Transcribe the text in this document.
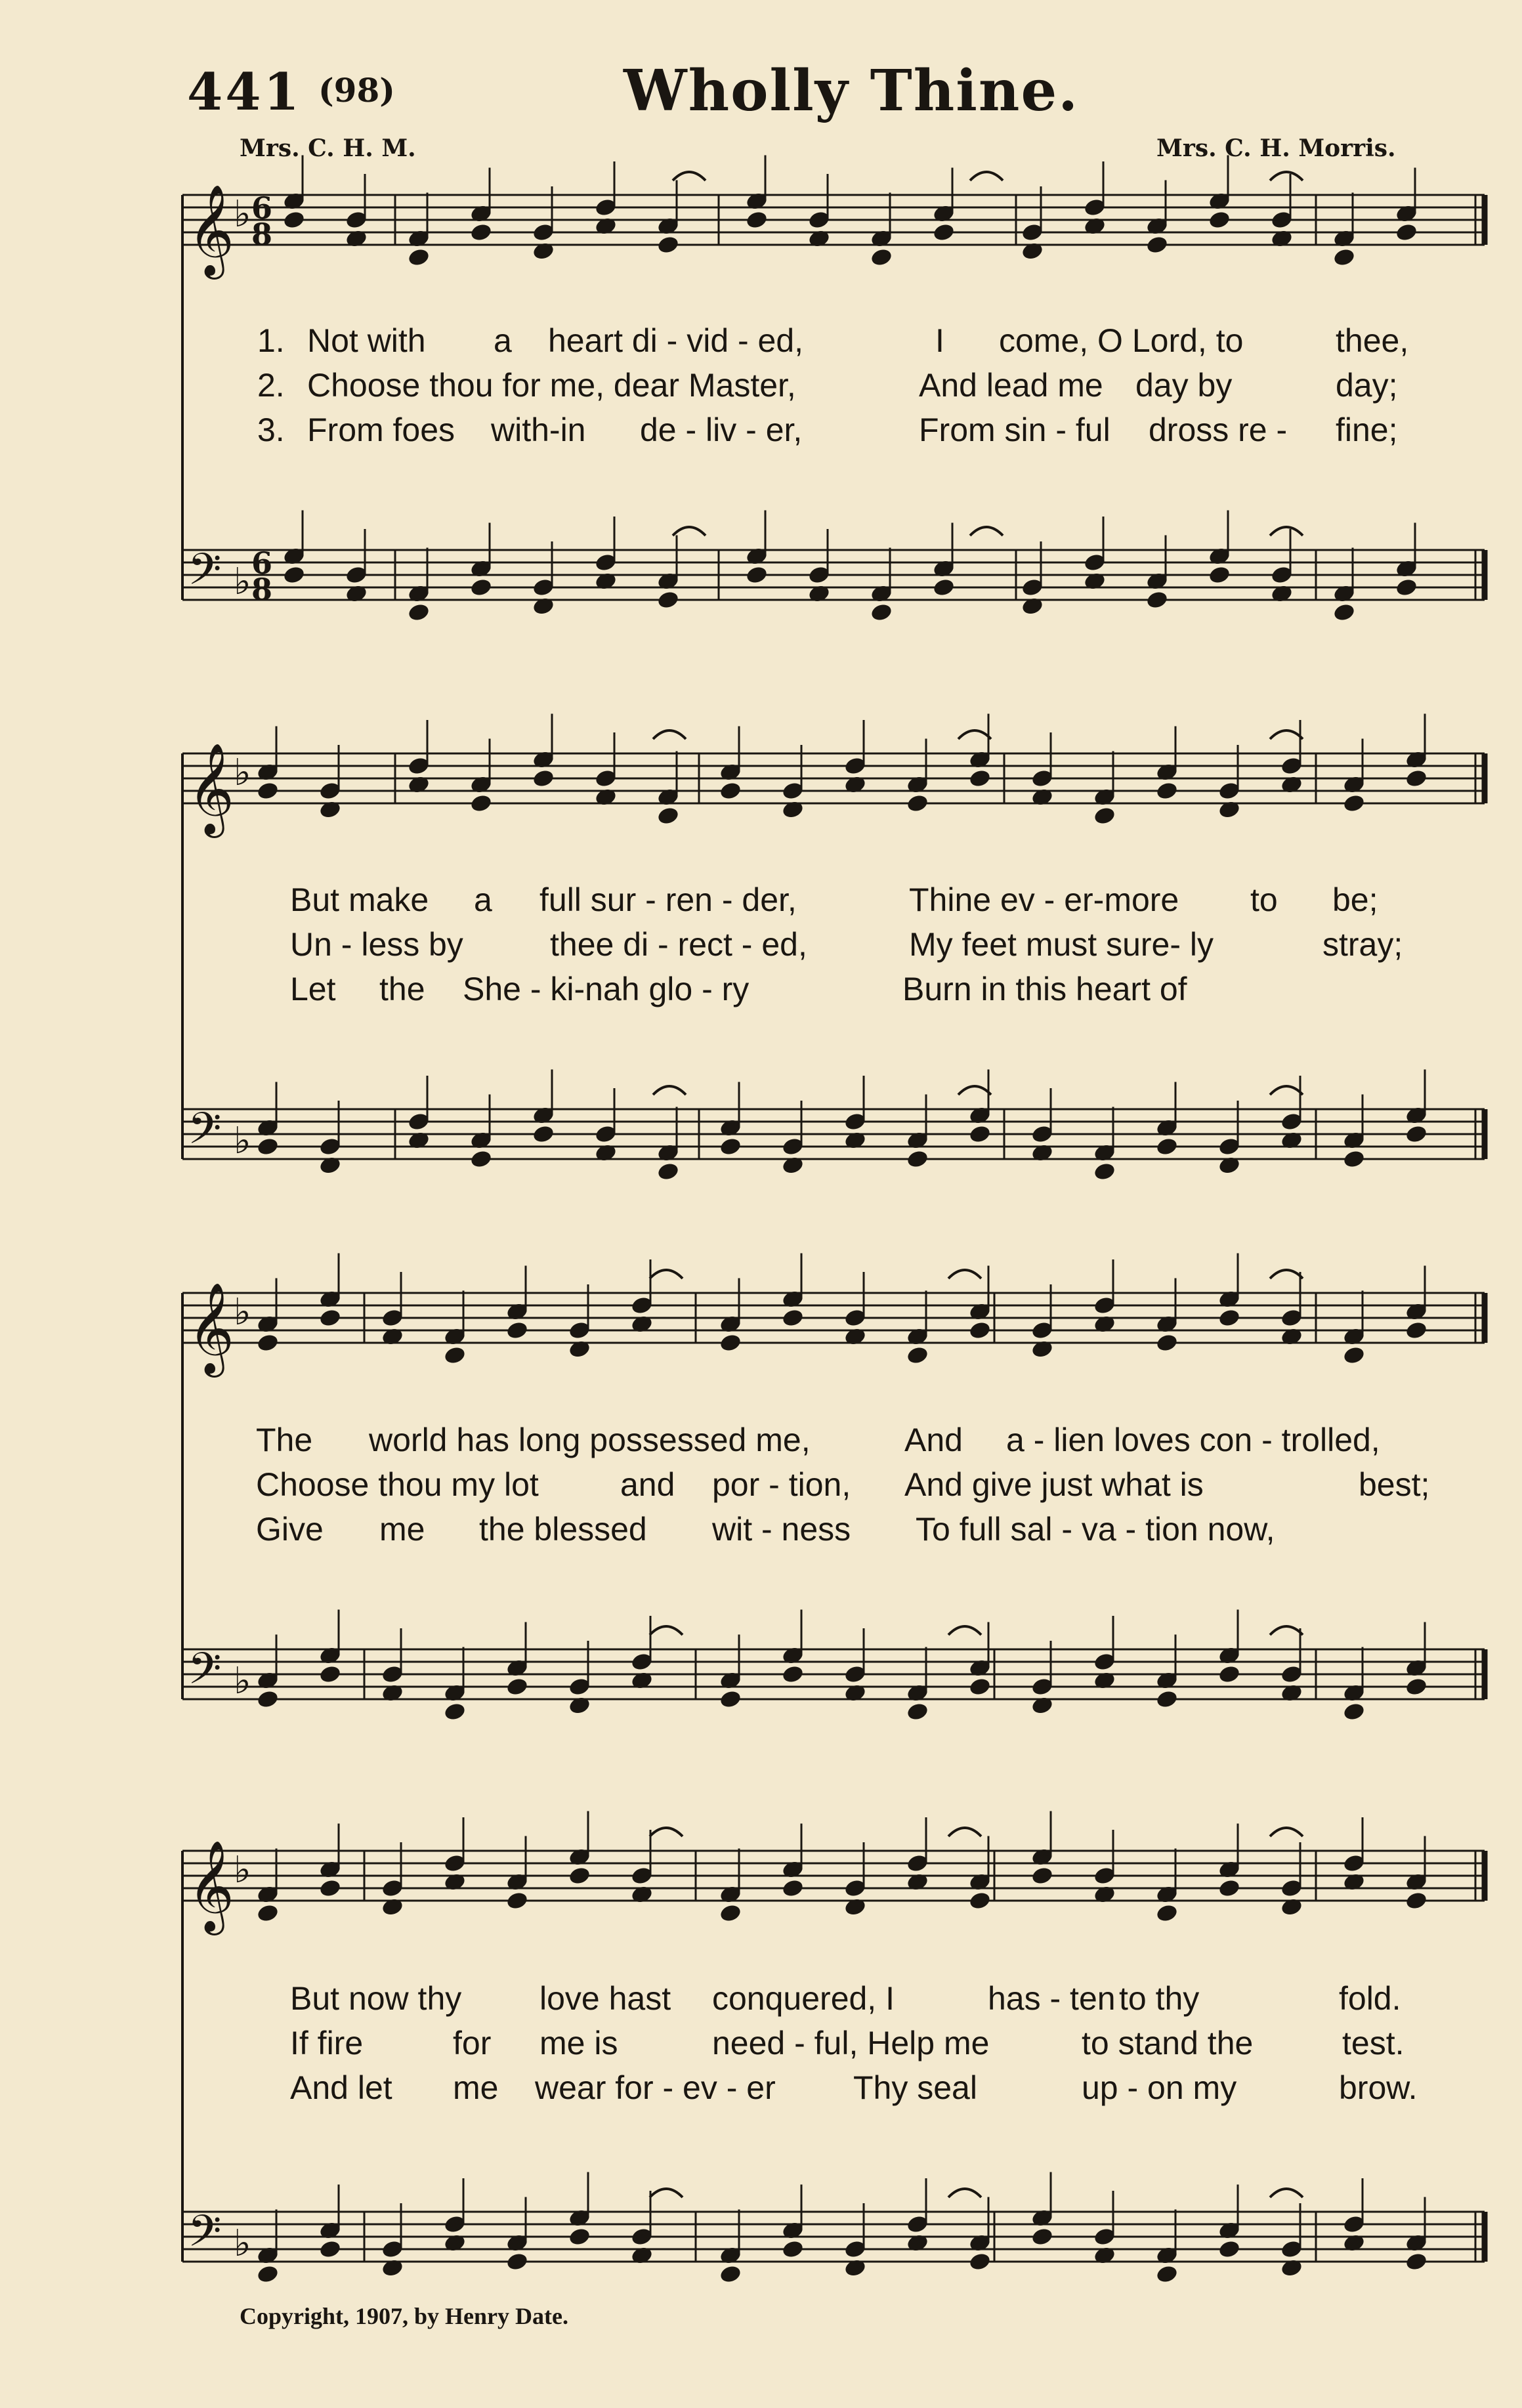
441 (98)	Wholly Thine.
Mrs. C. H. M.	Mrs. C. H. Morris.
𝄞 ♭ 6
8
𝄞 ♭
𝄞 ♭
𝄞 ♭
𝄢 ♭ 6
8
𝄢 ♭
𝄢 ♭
𝄢 ♭
1. Not with a heart di - vid - ed,	I come, O Lord, to	thee,
2. Choose thou for me, dear Master,	And lead me day by	day;
3. From foes with-in de - liv - er,	From sin - ful dross re - fine;
But make a full sur - ren - der,	Thine ev - er-more to be;
Un - less by	thee di - rect - ed,	My feet must sure- ly	stray;
Let the She - ki-nah glo - ry	Burn in this heart of
The world has long possessed me,	And a - lien loves con - trolled,
Choose thou my lot and por - tion, And give just what is	best;
Give me the blessed wit - ness To full sal - va - tion now,
But now thy love hast conquered, I	has - ten to thy	fold.
If fire	for me is	need - ful, Help me	to stand the	test.
And let me wear for - ev - er Thy seal	up - on my	brow.
Copyright, 1907, by Henry Date.
